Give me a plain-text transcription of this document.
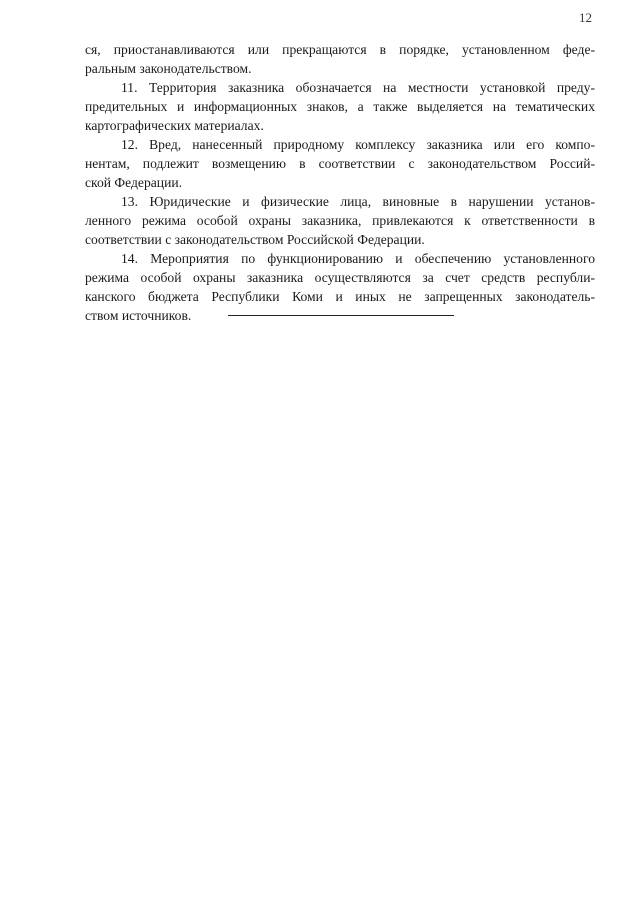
12
ся, приостанавливаются или прекращаются в порядке, установленном феде-
ральным законодательством.
11. Территория заказника обозначается на местности установкой преду-
предительных и информационных знаков, а также выделяется на тематических
картографических материалах.
12. Вред, нанесенный природному комплексу заказника или его компо-
нентам, подлежит возмещению в соответствии с законодательством Россий-
ской Федерации.
13. Юридические и физические лица, виновные в нарушении установ-
ленного режима особой охраны заказника, привлекаются к ответственности в
соответствии с законодательством Российской Федерации.
14. Мероприятия по функционированию и обеспечению установленного
режима особой охраны заказника осуществляются за счет средств республи-
канского бюджета Республики Коми и иных не запрещенных законодатель-
ством источников.
